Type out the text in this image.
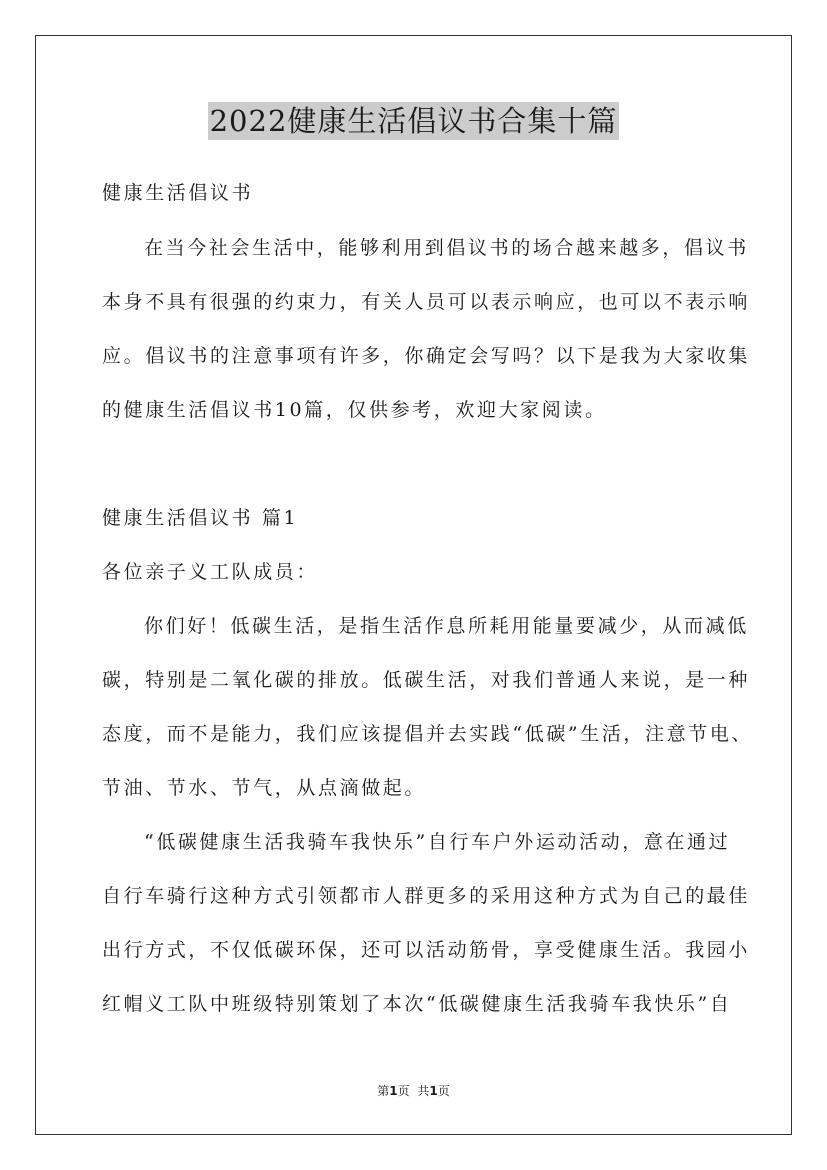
2022健康生活倡议书合集十篇
健康生活倡议书
在当今社会生活中，能够利用到倡议书的场合越来越多，倡议书
本身不具有很强的约束力，有关人员可以表示响应，也可以不表示响
应。倡议书的注意事项有许多，你确定会写吗？以下是我为大家收集
的健康生活倡议书10篇，仅供参考，欢迎大家阅读。
健康生活倡议书 篇1
各位亲子义工队成员：
你们好！低碳生活，是指生活作息所耗用能量要减少，从而减低
碳，特别是二氧化碳的排放。低碳生活，对我们普通人来说，是一种
态度，而不是能力，我们应该提倡并去实践“低碳”生活，注意节电、
节油、节水、节气，从点滴做起。
“低碳健康生活我骑车我快乐”自行车户外运动活动，意在通过
自行车骑行这种方式引领都市人群更多的采用这种方式为自己的最佳
出行方式，不仅低碳环保，还可以活动筋骨，享受健康生活。我园小
红帽义工队中班级特别策划了本次“低碳健康生活我骑车我快乐”自
第1页 共1页
